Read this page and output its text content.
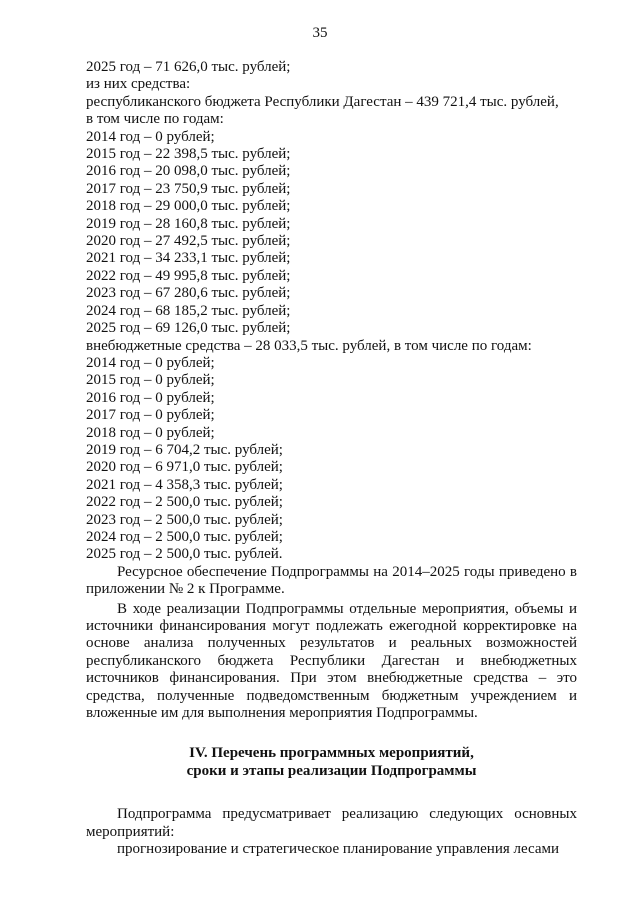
35

2025 год – 71 626,0 тыс. рублей;

из них средства:

республиканского бюджета Республики Дагестан – 439 721,4 тыс. рублей,

в том числе по годам:

2014 год – 0 рублей;

2015 год – 22 398,5 тыс. рублей;

2016 год – 20 098,0 тыс. рублей;

2017 год – 23 750,9 тыс. рублей;

2018 год – 29 000,0 тыс. рублей;

2019 год – 28 160,8 тыс. рублей;

2020 год – 27 492,5 тыс. рублей;

2021 год – 34 233,1 тыс. рублей;

2022 год – 49 995,8 тыс. рублей;

2023 год – 67 280,6 тыс. рублей;

2024 год – 68 185,2 тыс. рублей;

2025 год – 69 126,0 тыс. рублей;

внебюджетные средства – 28 033,5 тыс. рублей, в том числе по годам:

2014 год – 0 рублей;

2015 год – 0 рублей;

2016 год – 0 рублей;

2017 год – 0 рублей;

2018 год – 0 рублей;

2019 год – 6 704,2 тыс. рублей;

2020 год – 6 971,0 тыс. рублей;

2021 год – 4 358,3 тыс. рублей;

2022 год – 2 500,0 тыс. рублей;

2023 год – 2 500,0 тыс. рублей;

2024 год – 2 500,0 тыс. рублей;

2025 год – 2 500,0 тыс. рублей.

Ресурсное обеспечение Подпрограммы на 2014–2025 годы приведено в приложении № 2 к Программе.

В ходе реализации Подпрограммы отдельные мероприятия, объемы и источники финансирования могут подлежать ежегодной корректировке на основе анализа полученных результатов и реальных возможностей республиканского бюджета Республики Дагестан и внебюджетных источников финансирования. При этом внебюджетные средства – это средства, полученные подведомственным бюджетным учреждением и вложенные им для выполнения мероприятия Подпрограммы.

IV. Перечень программных мероприятий,
сроки и этапы реализации Подпрограммы

Подпрограмма предусматривает реализацию следующих основных мероприятий:

прогнозирование и стратегическое планирование управления лесами
